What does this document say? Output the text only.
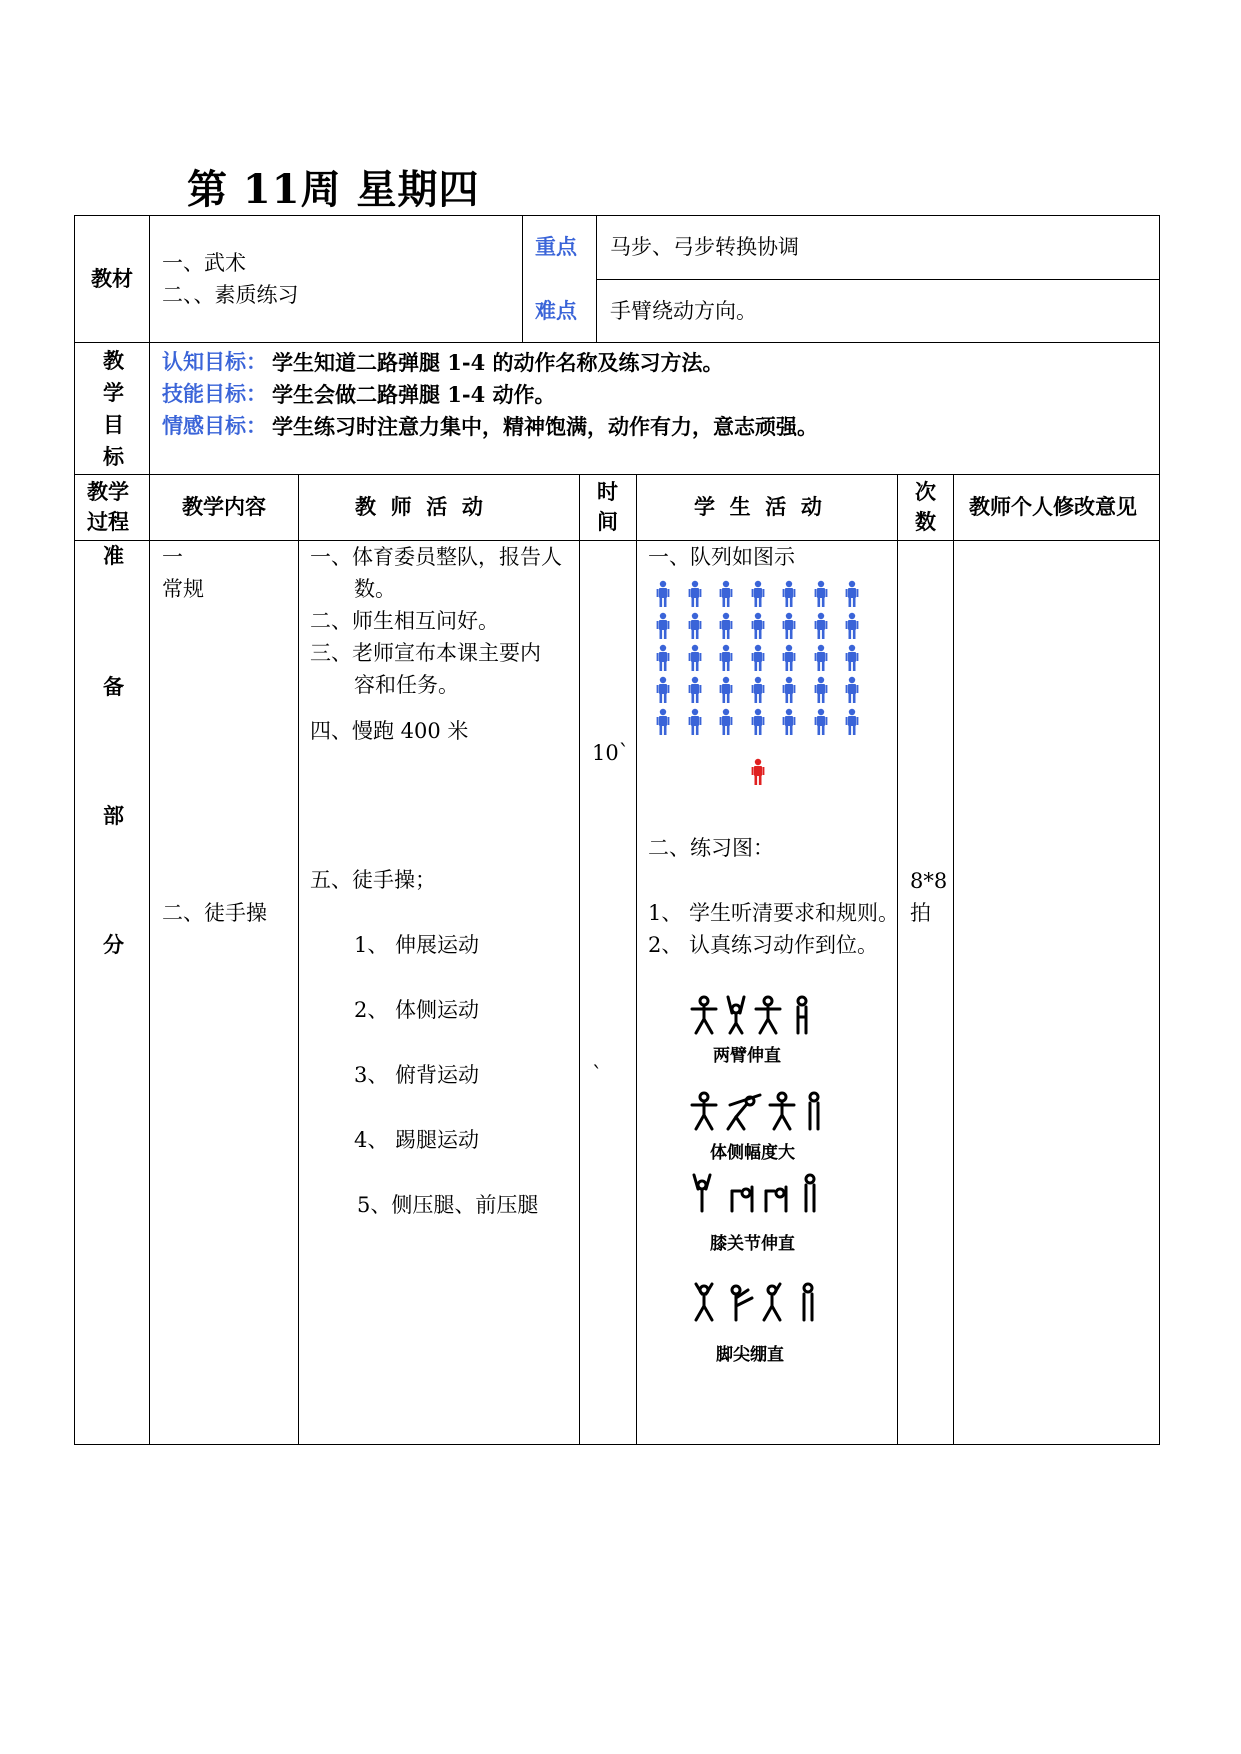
第 11周 星期四
教材
一、武术
二、、素质练习
重点 马步、弓步转换协调
难点 手臂绕动方向。
教
学
目
标
认知目标： 学生知道二路弹腿 1-4 的动作名称及练习方法。
技能目标： 学生会做二路弹腿 1-4 动作。
情感目标： 学生练习时注意力集中，精神饱满，动作有力，意志顽强。
教学
过程
教学内容	教  师  活  动
时
间
学  生  活  动
次
数
教师个人修改意见
准
备
部
分
一
常规
二、徒手操
一、体育委员整队，报告人
数。
二、师生相互问好。
三、老师宣布本课主要内
容和任务。
四、慢跑 400 米
五、徒手操；
1、 伸展运动
2、 体侧运动
3、 俯背运动
4、 踢腿运动
5、侧压腿、前压腿
10`
`
一、队列如图示
二、练习图：
1、 学生听清要求和规则。
2、 认真练习动作到位。
两臂伸直
体侧幅度大
膝关节伸直
脚尖绷直
8*8
拍
